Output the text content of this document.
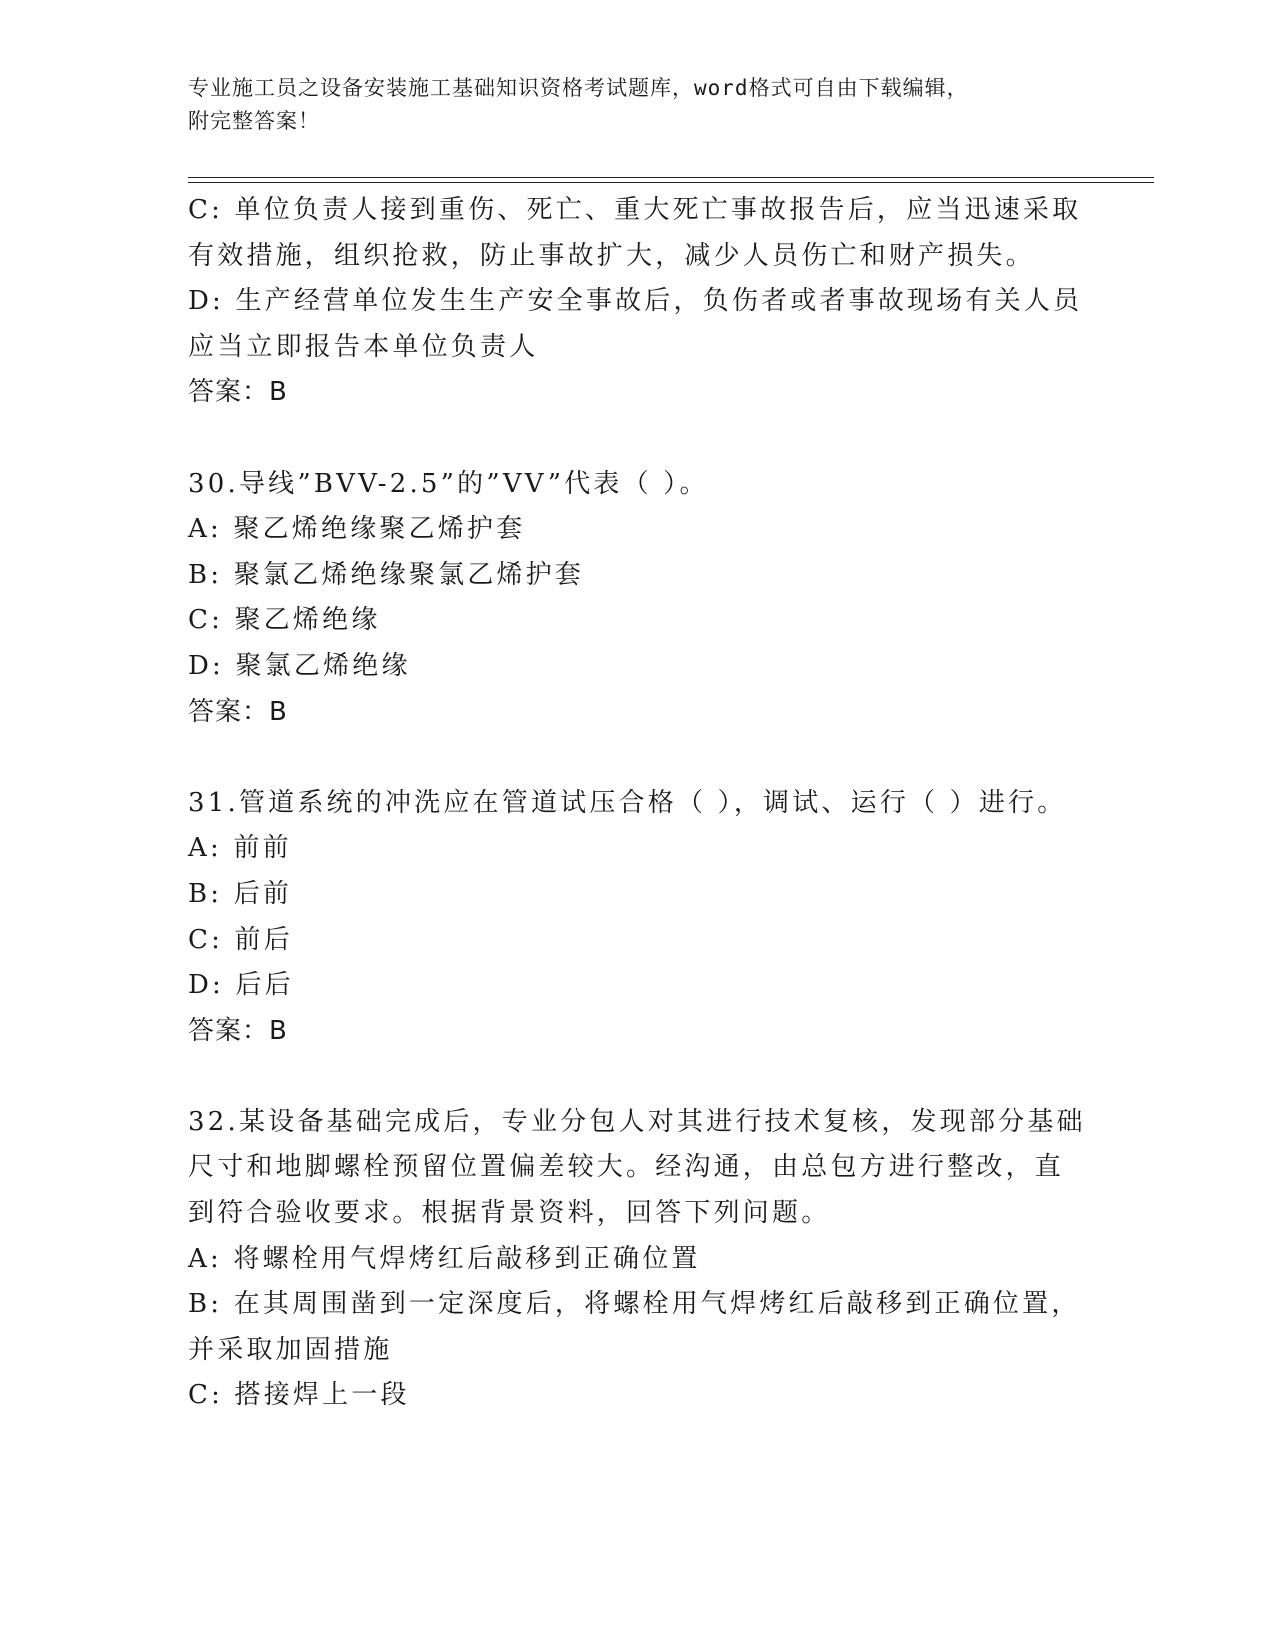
专业施工员之设备安装施工基础知识资格考试题库，word格式可自由下载编辑，
附完整答案！
C: 单位负责人接到重伤、死亡、重大死亡事故报告后，应当迅速采取
有效措施，组织抢救，防止事故扩大，减少人员伤亡和财产损失。
D: 生产经营单位发生生产安全事故后，负伤者或者事故现场有关人员
应当立即报告本单位负责人
答案：B
30.导线”BVV-2.5”的”VV”代表（ ）。
A: 聚乙烯绝缘聚乙烯护套
B: 聚氯乙烯绝缘聚氯乙烯护套
C: 聚乙烯绝缘
D: 聚氯乙烯绝缘
答案：B
31.管道系统的冲洗应在管道试压合格（ ），调试、运行（ ）进行。
A: 前前
B: 后前
C: 前后
D: 后后
答案：B
32.某设备基础完成后，专业分包人对其进行技术复核，发现部分基础
尺寸和地脚螺栓预留位置偏差较大。经沟通，由总包方进行整改，直
到符合验收要求。根据背景资料，回答下列问题。
A: 将螺栓用气焊烤红后敲移到正确位置
B: 在其周围凿到一定深度后，将螺栓用气焊烤红后敲移到正确位置，
并采取加固措施
C: 搭接焊上一段
